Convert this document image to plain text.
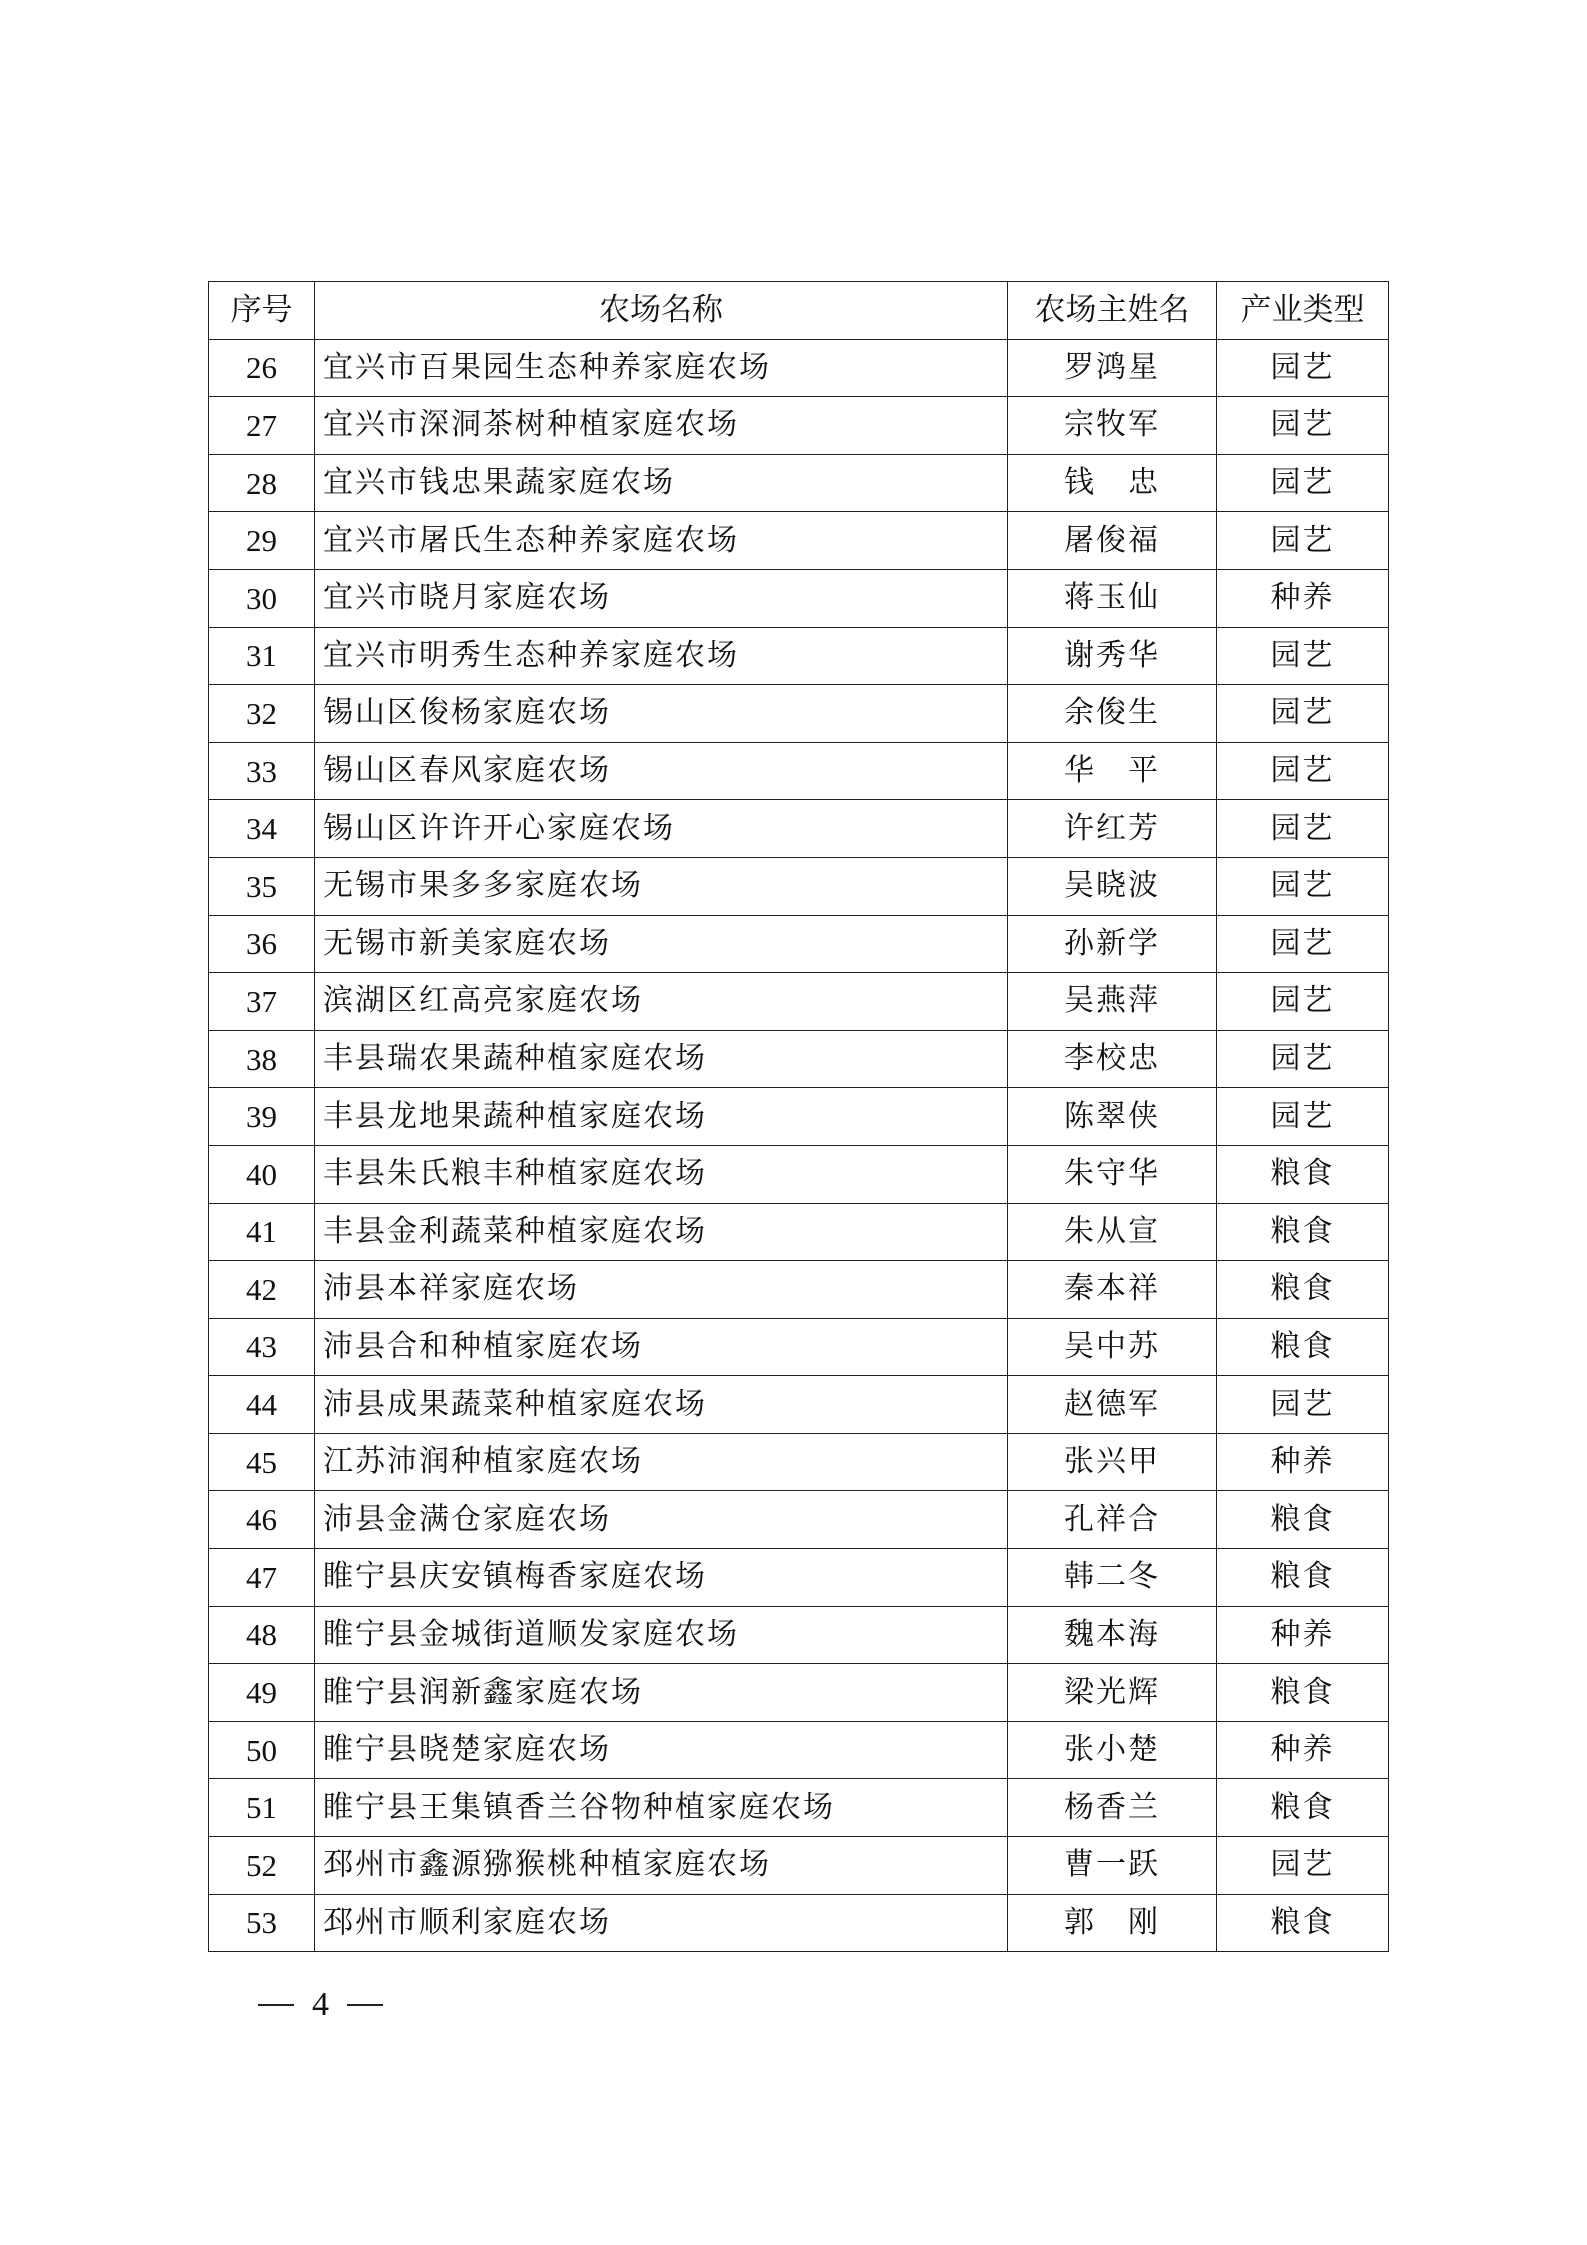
序号	农场名称	农场主姓名	产业类型
26	宜兴市百果园生态种养家庭农场	罗鸿星	园艺
27	宜兴市深洞茶树种植家庭农场	宗牧军	园艺
28	宜兴市钱忠果蔬家庭农场	钱　忠	园艺
29	宜兴市屠氏生态种养家庭农场	屠俊福	园艺
30	宜兴市晓月家庭农场	蒋玉仙	种养
31	宜兴市明秀生态种养家庭农场	谢秀华	园艺
32	锡山区俊杨家庭农场	余俊生	园艺
33	锡山区春风家庭农场	华　平	园艺
34	锡山区许许开心家庭农场	许红芳	园艺
35	无锡市果多多家庭农场	吴晓波	园艺
36	无锡市新美家庭农场	孙新学	园艺
37	滨湖区红高亮家庭农场	吴燕萍	园艺
38	丰县瑞农果蔬种植家庭农场	李校忠	园艺
39	丰县龙地果蔬种植家庭农场	陈翠侠	园艺
40	丰县朱氏粮丰种植家庭农场	朱守华	粮食
41	丰县金利蔬菜种植家庭农场	朱从宣	粮食
42	沛县本祥家庭农场	秦本祥	粮食
43	沛县合和种植家庭农场	吴中苏	粮食
44	沛县成果蔬菜种植家庭农场	赵德军	园艺
45	江苏沛润种植家庭农场	张兴甲	种养
46	沛县金满仓家庭农场	孔祥合	粮食
47	睢宁县庆安镇梅香家庭农场	韩二冬	粮食
48	睢宁县金城街道顺发家庭农场	魏本海	种养
49	睢宁县润新鑫家庭农场	梁光辉	粮食
50	睢宁县晓楚家庭农场	张小楚	种养
51	睢宁县王集镇香兰谷物种植家庭农场	杨香兰	粮食
52	邳州市鑫源猕猴桃种植家庭农场	曹一跃	园艺
53	邳州市顺利家庭农场	郭　刚	粮食
4
